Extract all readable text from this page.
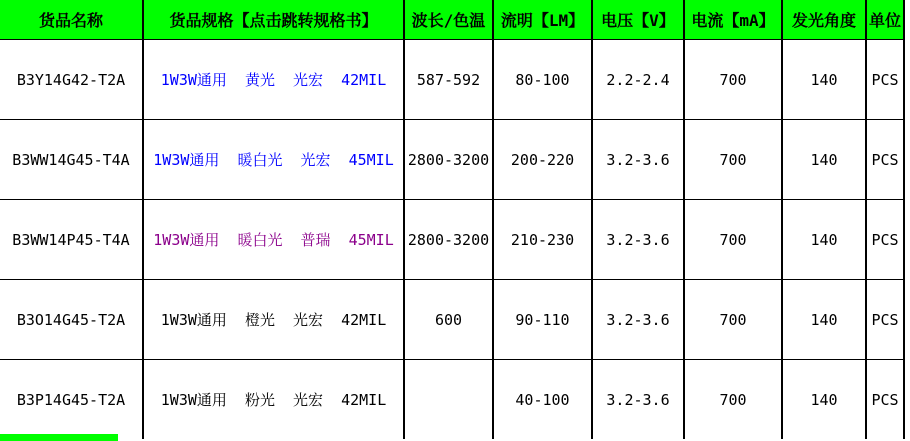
货品名称	货品规格【点击跳转规格书】	波长/色温	流明【LM】	电压【V】	电流【mA】	发光角度	单位
B3Y14G42-T2A	1W3W通用  黄光  光宏  42MIL	587-592	80-100	2.2-2.4	700	140	PCS
B3WW14G45-T4A	1W3W通用  暖白光  光宏  45MIL	2800-3200	200-220	3.2-3.6	700	140	PCS
B3WW14P45-T4A	1W3W通用  暖白光  普瑞  45MIL	2800-3200	210-230	3.2-3.6	700	140	PCS
B3O14G45-T2A	1W3W通用  橙光  光宏  42MIL	600	90-110	3.2-3.6	700	140	PCS
B3P14G45-T2A	1W3W通用  粉光  光宏  42MIL		40-100	3.2-3.6	700	140	PCS
